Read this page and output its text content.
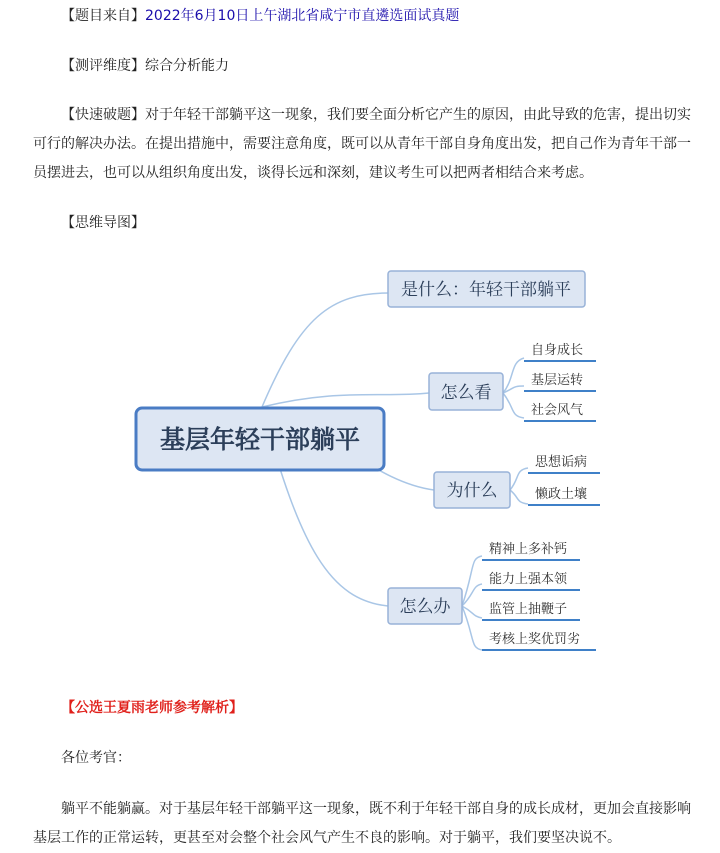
【题目来自】2022年6月10日上午湖北省咸宁市直遴选面试真题

【测评维度】综合分析能力

【快速破题】对于年轻干部躺平这一现象，我们要全面分析它产生的原因，由此导致的危害，提出切实可行的解决办法。在提出措施中，需要注意角度，既可以从青年干部自身角度出发，把自己作为青年干部一员摆进去，也可以从组织角度出发，谈得长远和深刻，建议考生可以把两者相结合来考虑。

【思维导图】

基层年轻干部躺平
是什么：年轻干部躺平
怎么看
为什么
怎么办
自身成长
基层运转
社会风气
思想诟病
懒政土壤
精神上多补钙
能力上强本领
监管上抽鞭子
考核上奖优罚劣

【公选王夏雨老师参考解析】

各位考官：

躺平不能躺赢。对于基层年轻干部躺平这一现象，既不利于年轻干部自身的成长成材，更加会直接影响基层工作的正常运转，更甚至对会整个社会风气产生不良的影响。对于躺平，我们要坚决说不。
